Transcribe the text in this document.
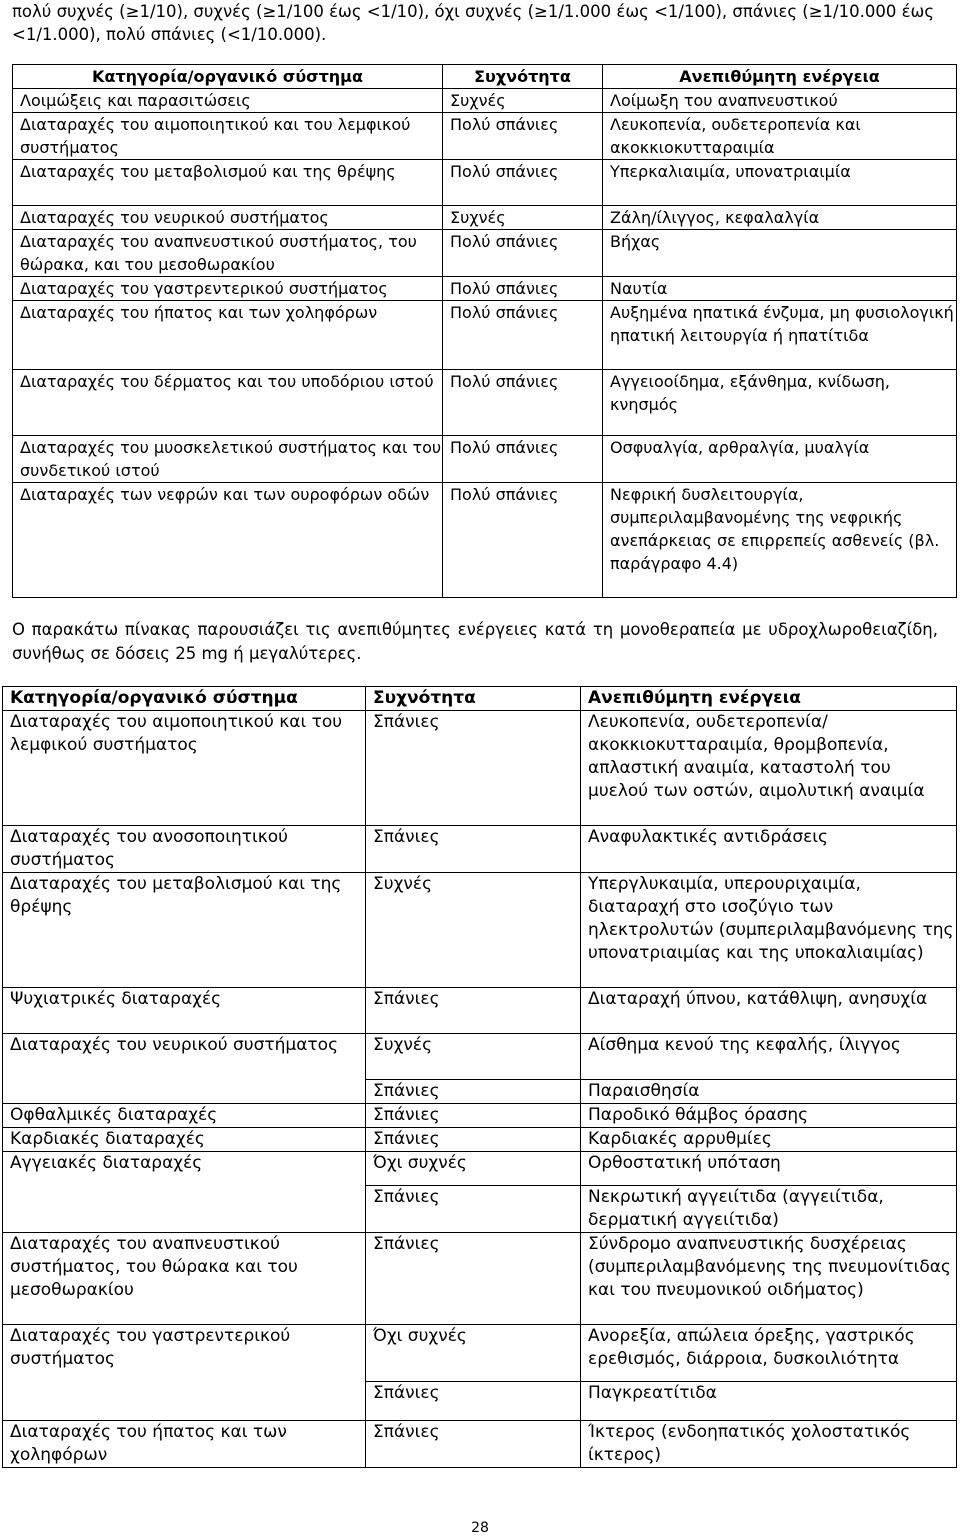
πολύ συχνές (≥1/10), συχνές (≥1/100 έως <1/10), όχι συχνές (≥1/1.000 έως <1/100), σπάνιες (≥1/10.000 έως <1/1.000), πολύ σπάνιες (<1/10.000).

Κατηγορία/οργανικό σύστημα	Συχνότητα	Ανεπιθύμητη ενέργεια
Λοιμώξεις και παρασιτώσεις	Συχνές	Λοίμωξη του αναπνευστικού
Διαταραχές του αιμοποιητικού και του λεμφικού συστήματος	Πολύ σπάνιες	Λευκοπενία, ουδετεροπενία και ακοκκιοκυτταραιμία
Διαταραχές του μεταβολισμού και της θρέψης	Πολύ σπάνιες	Υπερκαλιαιμία, υπονατριαιμία
Διαταραχές του νευρικού συστήματος	Συχνές	Ζάλη/ίλιγγος, κεφαλαλγία
Διαταραχές του αναπνευστικού συστήματος, του θώρακα, και του μεσοθωρακίου	Πολύ σπάνιες	Βήχας
Διαταραχές του γαστρεντερικού συστήματος	Πολύ σπάνιες	Ναυτία
Διαταραχές του ήπατος και των χοληφόρων	Πολύ σπάνιες	Αυξημένα ηπατικά ένζυμα, μη φυσιολογική ηπατική λειτουργία ή ηπατίτιδα
Διαταραχές του δέρματος και του υποδόριου ιστού	Πολύ σπάνιες	Αγγειοοίδημα, εξάνθημα, κνίδωση, κνησμός
Διαταραχές του μυοσκελετικού συστήματος και του συνδετικού ιστού	Πολύ σπάνιες	Οσφυαλγία, αρθραλγία, μυαλγία
Διαταραχές των νεφρών και των ουροφόρων οδών	Πολύ σπάνιες	Νεφρική δυσλειτουργία, συμπεριλαμβανομένης της νεφρικής ανεπάρκειας σε επιρρεπείς ασθενείς (βλ. παράγραφο 4.4)

Ο παρακάτω πίνακας παρουσιάζει τις ανεπιθύμητες ενέργειες κατά τη μονοθεραπεία με υδροχλωροθειαζίδη, συνήθως σε δόσεις 25 mg ή μεγαλύτερες.

Κατηγορία/οργανικό σύστημα	Συχνότητα	Ανεπιθύμητη ενέργεια
Διαταραχές του αιμοποιητικού και του λεμφικού συστήματος	Σπάνιες	Λευκοπενία, ουδετεροπενία/ ακοκκιοκυτταραιμία, θρομβοπενία, απλαστική αναιμία, καταστολή του μυελού των οστών, αιμολυτική αναιμία
Διαταραχές του ανοσοποιητικού συστήματος	Σπάνιες	Αναφυλακτικές αντιδράσεις
Διαταραχές του μεταβολισμού και της θρέψης	Συχνές	Υπεργλυκαιμία, υπερουριχαιμία, διαταραχή στο ισοζύγιο των ηλεκτρολυτών (συμπεριλαμβανόμενης της υπονατριαιμίας και της υποκαλιαιμίας)
Ψυχιατρικές διαταραχές	Σπάνιες	Διαταραχή ύπνου, κατάθλιψη, ανησυχία
Διαταραχές του νευρικού συστήματος	Συχνές	Αίσθημα κενού της κεφαλής, ίλιγγος
	Σπάνιες	Παραισθησία
Οφθαλμικές διαταραχές	Σπάνιες	Παροδικό θάμβος όρασης
Καρδιακές διαταραχές	Σπάνιες	Καρδιακές αρρυθμίες
Αγγειακές διαταραχές	Όχι συχνές	Ορθοστατική υπόταση
	Σπάνιες	Νεκρωτική αγγειίτιδα (αγγειίτιδα, δερματική αγγειίτιδα)
Διαταραχές του αναπνευστικού συστήματος, του θώρακα και του μεσοθωρακίου	Σπάνιες	Σύνδρομο αναπνευστικής δυσχέρειας (συμπεριλαμβανόμενης της πνευμονίτιδας και του πνευμονικού οιδήματος)
Διαταραχές του γαστρεντερικού συστήματος	Όχι συχνές	Ανορεξία, απώλεια όρεξης, γαστρικός ερεθισμός, διάρροια, δυσκοιλιότητα
	Σπάνιες	Παγκρεατίτιδα
Διαταραχές του ήπατος και των χοληφόρων	Σπάνιες	Ίκτερος (ενδοηπατικός χολοστατικός ίκτερος)
28
